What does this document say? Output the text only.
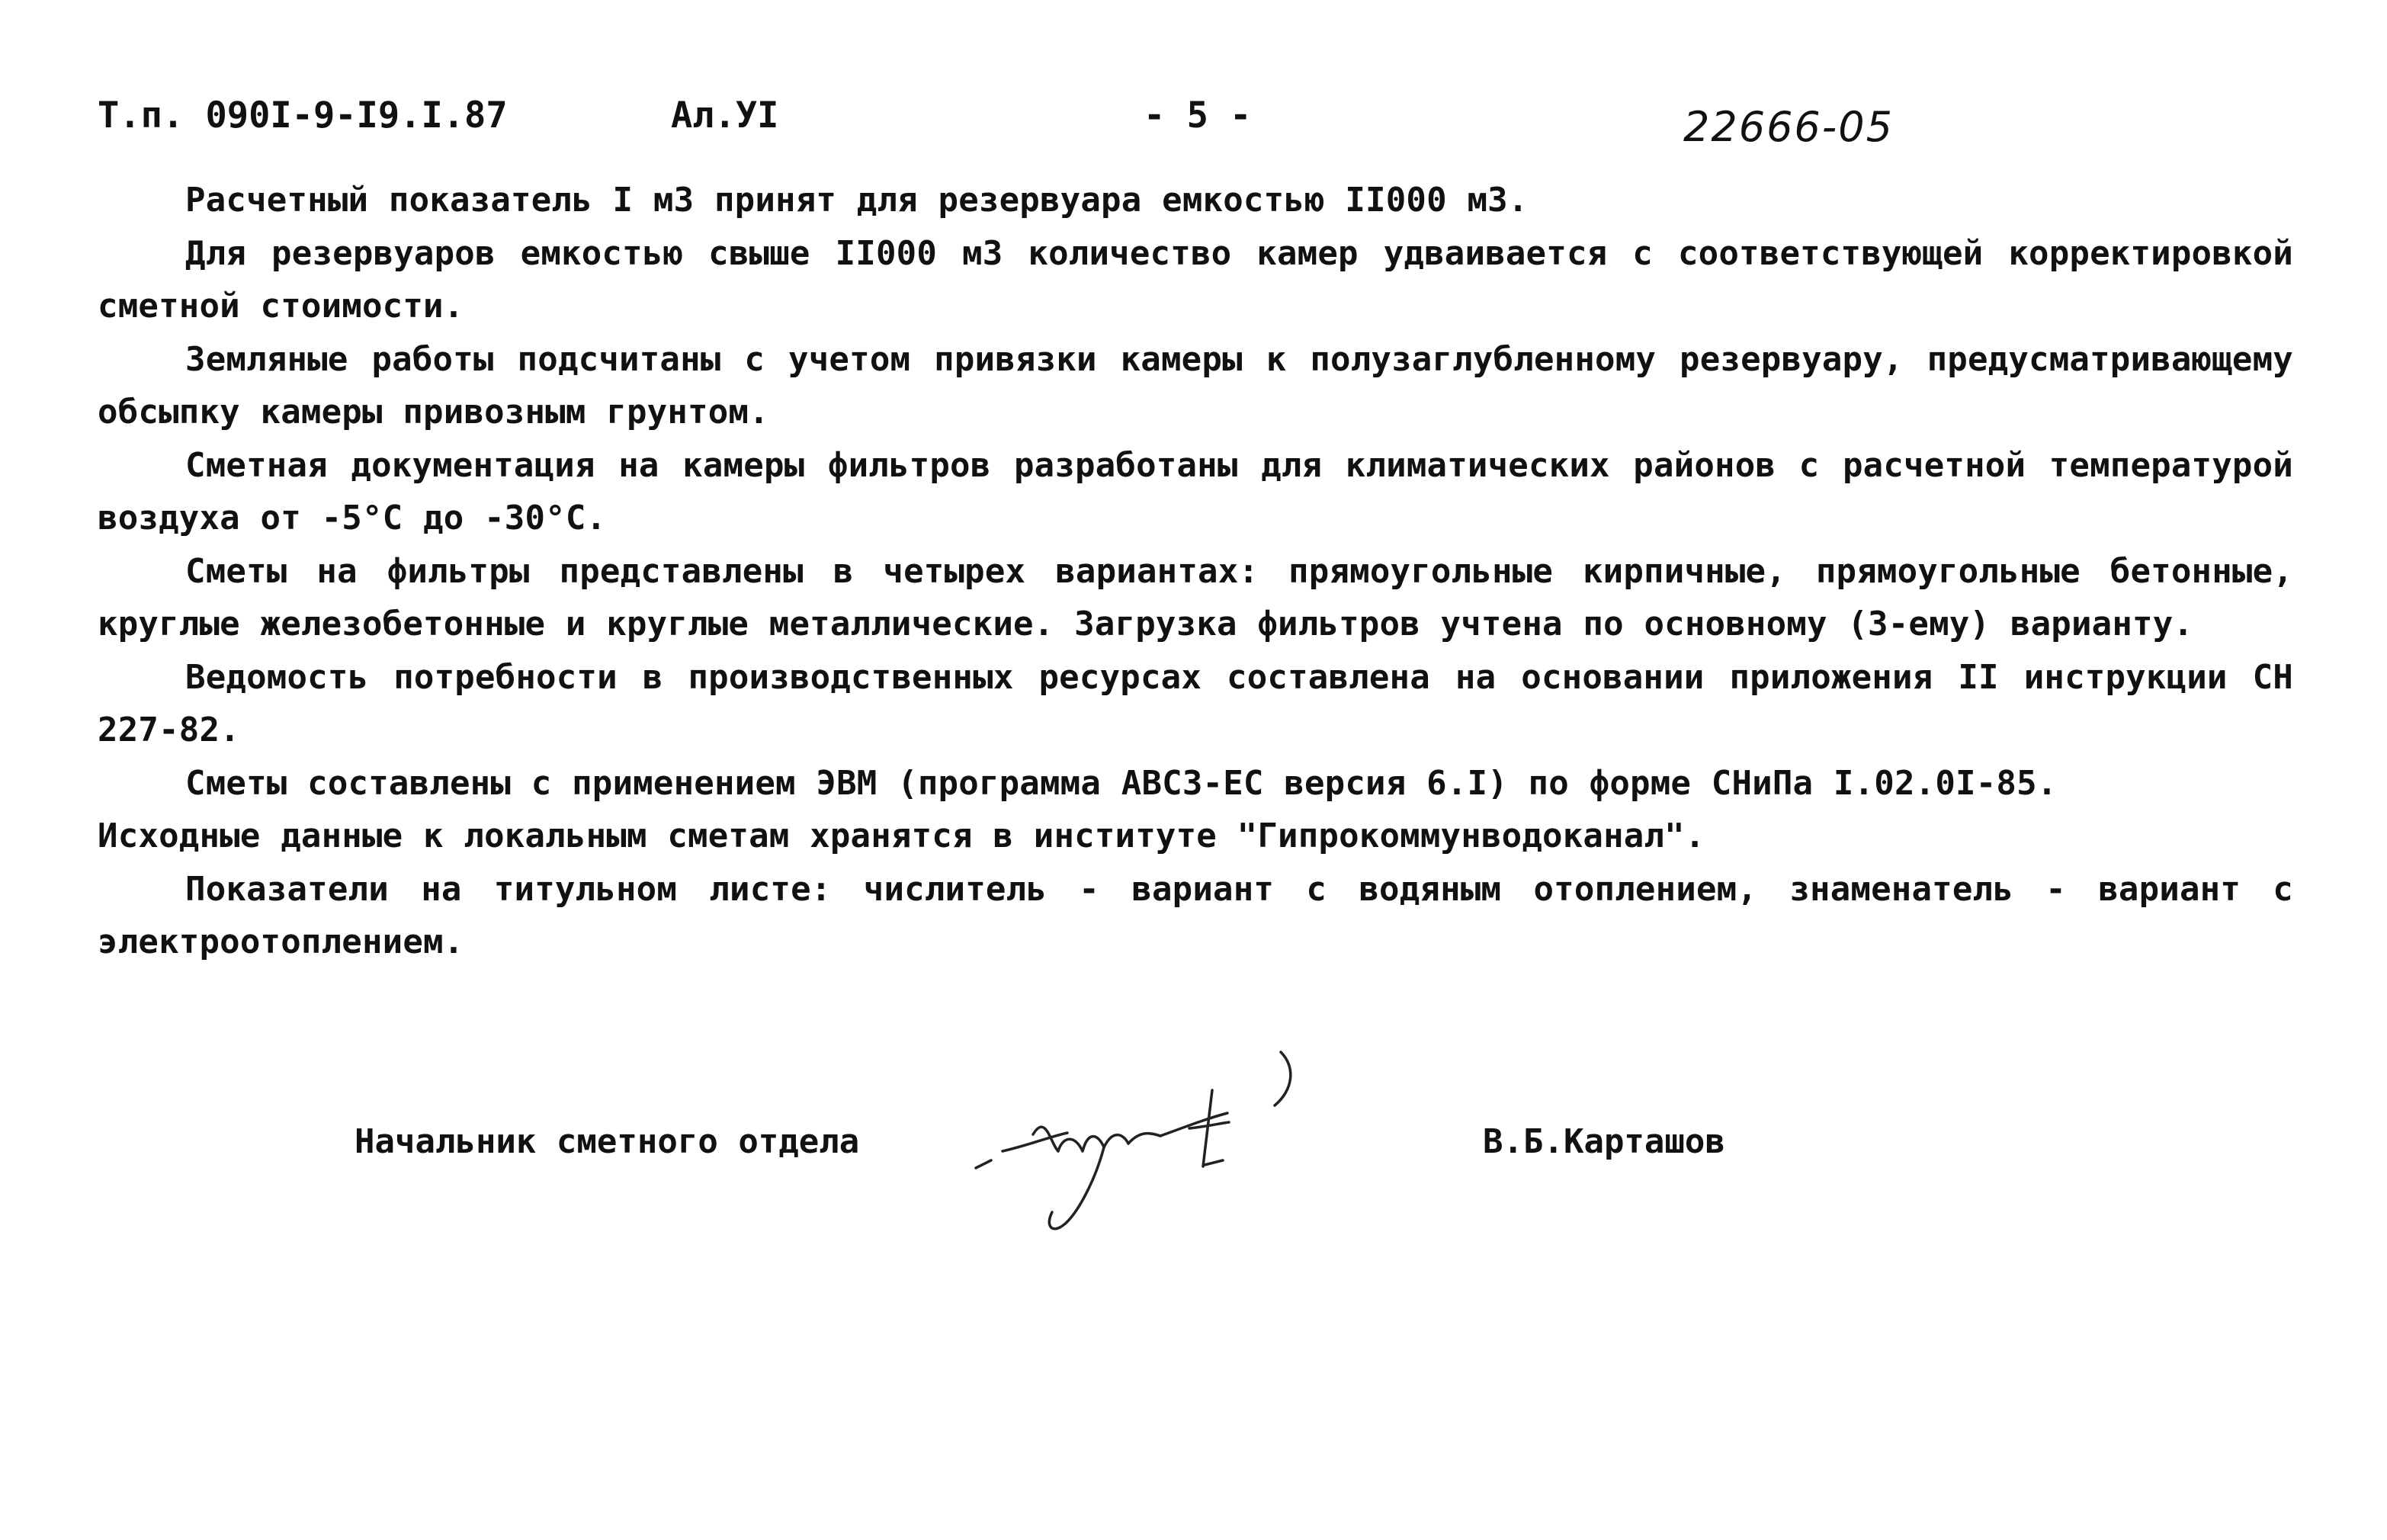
Т.п. 090I-9-I9.I.87	Ал.УI	- 5 -	22666-05

Расчетный показатель I м3 принят для резервуара емкостью II000 м3.

Для резервуаров емкостью свыше II000 м3 количество камер удваивается с соответствующей корректировкой сметной стоимости.

Земляные работы подсчитаны с учетом привязки камеры к полузаглубленному резервуару, предусматривающему обсыпку камеры привозным грунтом.

Сметная документация на камеры фильтров разработаны для климатических районов с расчетной температурой воздуха от -5°С до -30°С.

Сметы на фильтры представлены в четырех вариантах: прямоугольные кирпичные, прямоугольные бетонные, круглые железобетонные и круглые металлические. Загрузка фильтров учтена по основному (3-ему) варианту.

Ведомость потребности в производственных ресурсах составлена на основании приложения II инструкции СН 227-82.

Сметы составлены с применением ЭВМ (программа АВСЗ-ЕС версия 6.I) по форме СНиПа I.02.0I-85.

Исходные данные к локальным сметам хранятся в институте "Гипрокоммунводоканал".

Показатели на титульном листе: числитель - вариант с водяным отоплением, знаменатель - вариант с электроотоплением.

Начальник сметного отдела	В.Б.Карташов
